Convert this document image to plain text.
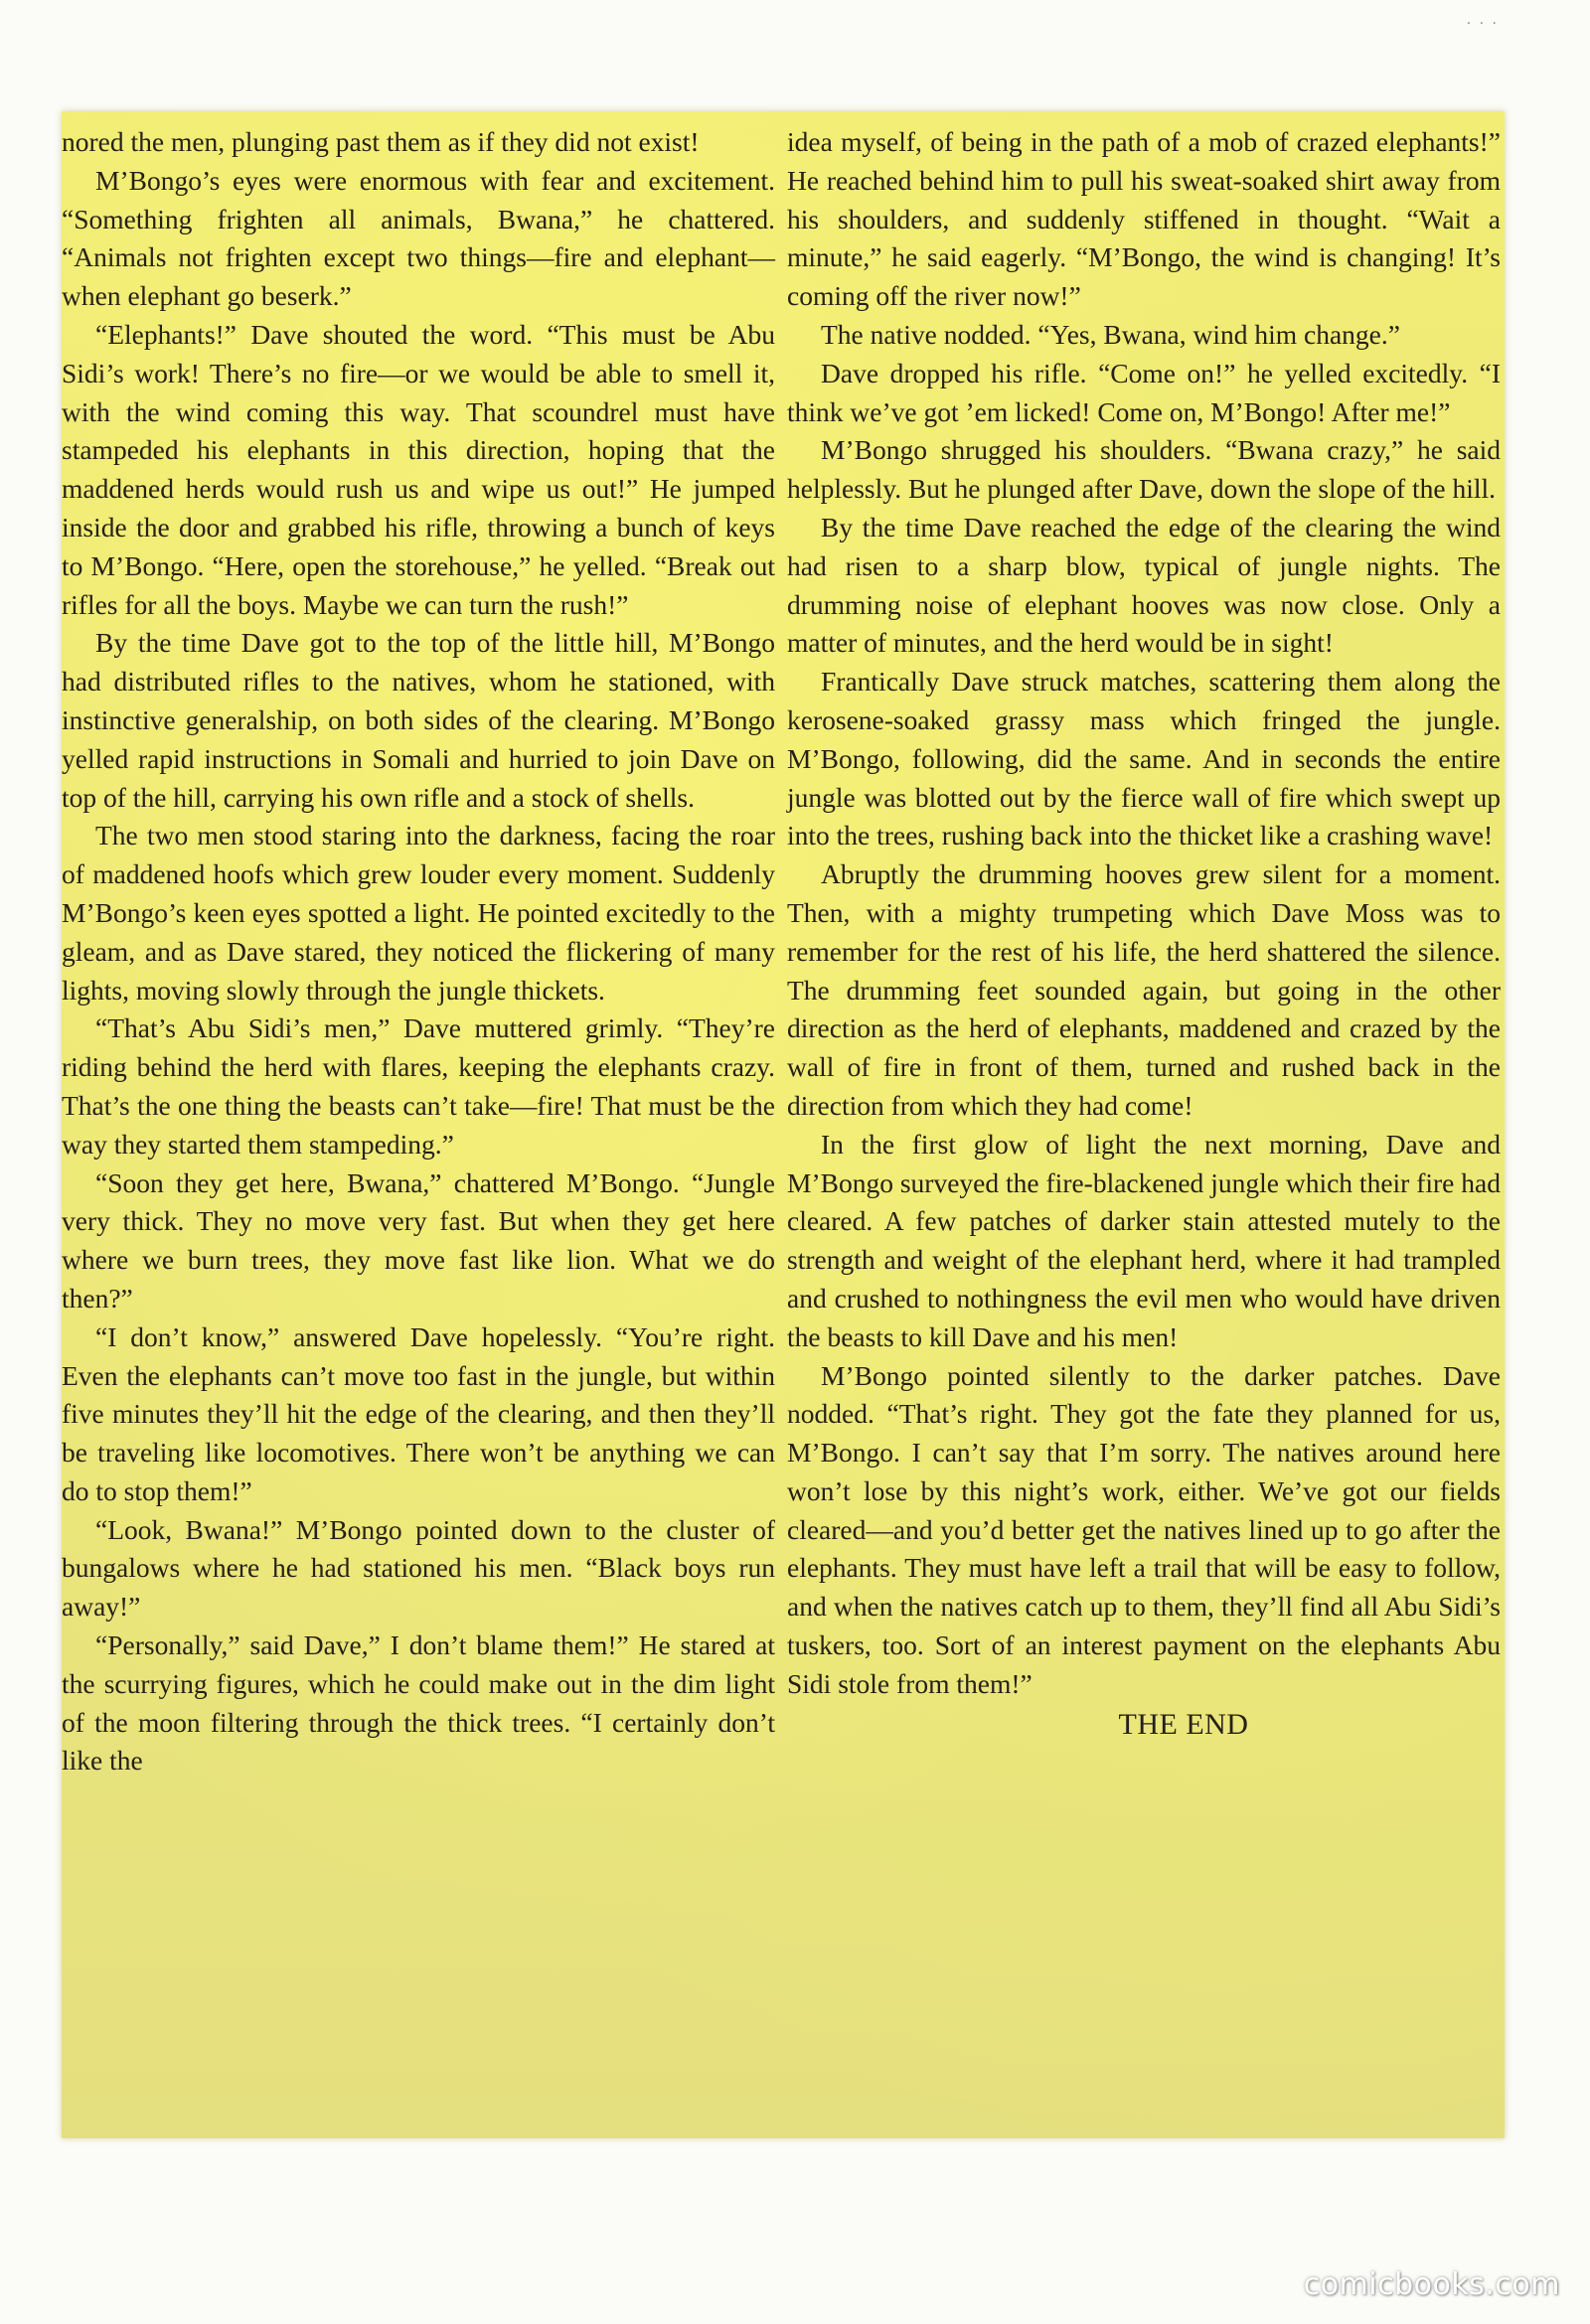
· · ·

nored the men, plunging past them as if they did not exist!

M’Bongo’s eyes were enormous with fear and excitement. “Something frighten all animals, Bwana,” he chattered. “Animals not frighten except two things—fire and elephant—when elephant go beserk.”

“Elephants!” Dave shouted the word. “This must be Abu Sidi’s work! There’s no fire—or we would be able to smell it, with the wind coming this way. That scoundrel must have stampeded his elephants in this direction, hoping that the maddened herds would rush us and wipe us out!” He jumped inside the door and grabbed his rifle, throwing a bunch of keys to M’Bongo. “Here, open the storehouse,” he yelled. “Break out rifles for all the boys. Maybe we can turn the rush!”

By the time Dave got to the top of the little hill, M’Bongo had distributed rifles to the natives, whom he stationed, with instinctive generalship, on both sides of the clearing. M’Bongo yelled rapid instructions in Somali and hurried to join Dave on top of the hill, carrying his own rifle and a stock of shells.

The two men stood staring into the darkness, facing the roar of maddened hoofs which grew louder every moment. Suddenly M’Bongo’s keen eyes spotted a light. He pointed excitedly to the gleam, and as Dave stared, they noticed the flickering of many lights, moving slowly through the jungle thickets.

“That’s Abu Sidi’s men,” Dave muttered grimly. “They’re riding behind the herd with flares, keeping the elephants crazy. That’s the one thing the beasts can’t take—fire! That must be the way they started them stampeding.”

“Soon they get here, Bwana,” chattered M’Bongo. “Jungle very thick. They no move very fast. But when they get here where we burn trees, they move fast like lion. What we do then?”

“I don’t know,” answered Dave hopelessly. “You’re right. Even the elephants can’t move too fast in the jungle, but within five minutes they’ll hit the edge of the clearing, and then they’ll be traveling like locomotives. There won’t be anything we can do to stop them!”

“Look, Bwana!” M’Bongo pointed down to the cluster of bungalows where he had stationed his men. “Black boys run away!”

“Personally,” said Dave,” I don’t blame them!” He stared at the scurrying figures, which he could make out in the dim light of the moon filtering through the thick trees. “I certainly don’t like the

idea myself, of being in the path of a mob of crazed elephants!” He reached behind him to pull his sweat-soaked shirt away from his shoulders, and suddenly stiffened in thought. “Wait a minute,” he said eagerly. “M’Bongo, the wind is changing! It’s coming off the river now!”

The native nodded. “Yes, Bwana, wind him change.”

Dave dropped his rifle. “Come on!” he yelled excitedly. “I think we’ve got ’em licked! Come on, M’Bongo! After me!”

M’Bongo shrugged his shoulders. “Bwana crazy,” he said helplessly. But he plunged after Dave, down the slope of the hill.

By the time Dave reached the edge of the clearing the wind had risen to a sharp blow, typical of jungle nights. The drumming noise of elephant hooves was now close. Only a matter of minutes, and the herd would be in sight!

Frantically Dave struck matches, scattering them along the kerosene-soaked grassy mass which fringed the jungle. M’Bongo, following, did the same. And in seconds the entire jungle was blotted out by the fierce wall of fire which swept up into the trees, rushing back into the thicket like a crashing wave!

Abruptly the drumming hooves grew silent for a moment. Then, with a mighty trumpeting which Dave Moss was to remember for the rest of his life, the herd shattered the silence. The drumming feet sounded again, but going in the other direction as the herd of elephants, maddened and crazed by the wall of fire in front of them, turned and rushed back in the direction from which they had come!

In the first glow of light the next morning, Dave and M’Bongo surveyed the fire-blackened jungle which their fire had cleared. A few patches of darker stain attested mutely to the strength and weight of the elephant herd, where it had trampled and crushed to nothingness the evil men who would have driven the beasts to kill Dave and his men!

M’Bongo pointed silently to the darker patches. Dave nodded. “That’s right. They got the fate they planned for us, M’Bongo. I can’t say that I’m sorry. The natives around here won’t lose by this night’s work, either. We’ve got our fields cleared—and you’d better get the natives lined up to go after the elephants. They must have left a trail that will be easy to follow, and when the natives catch up to them, they’ll find all Abu Sidi’s tuskers, too. Sort of an interest payment on the elephants Abu Sidi stole from them!”

THE END

comicbooks.com
